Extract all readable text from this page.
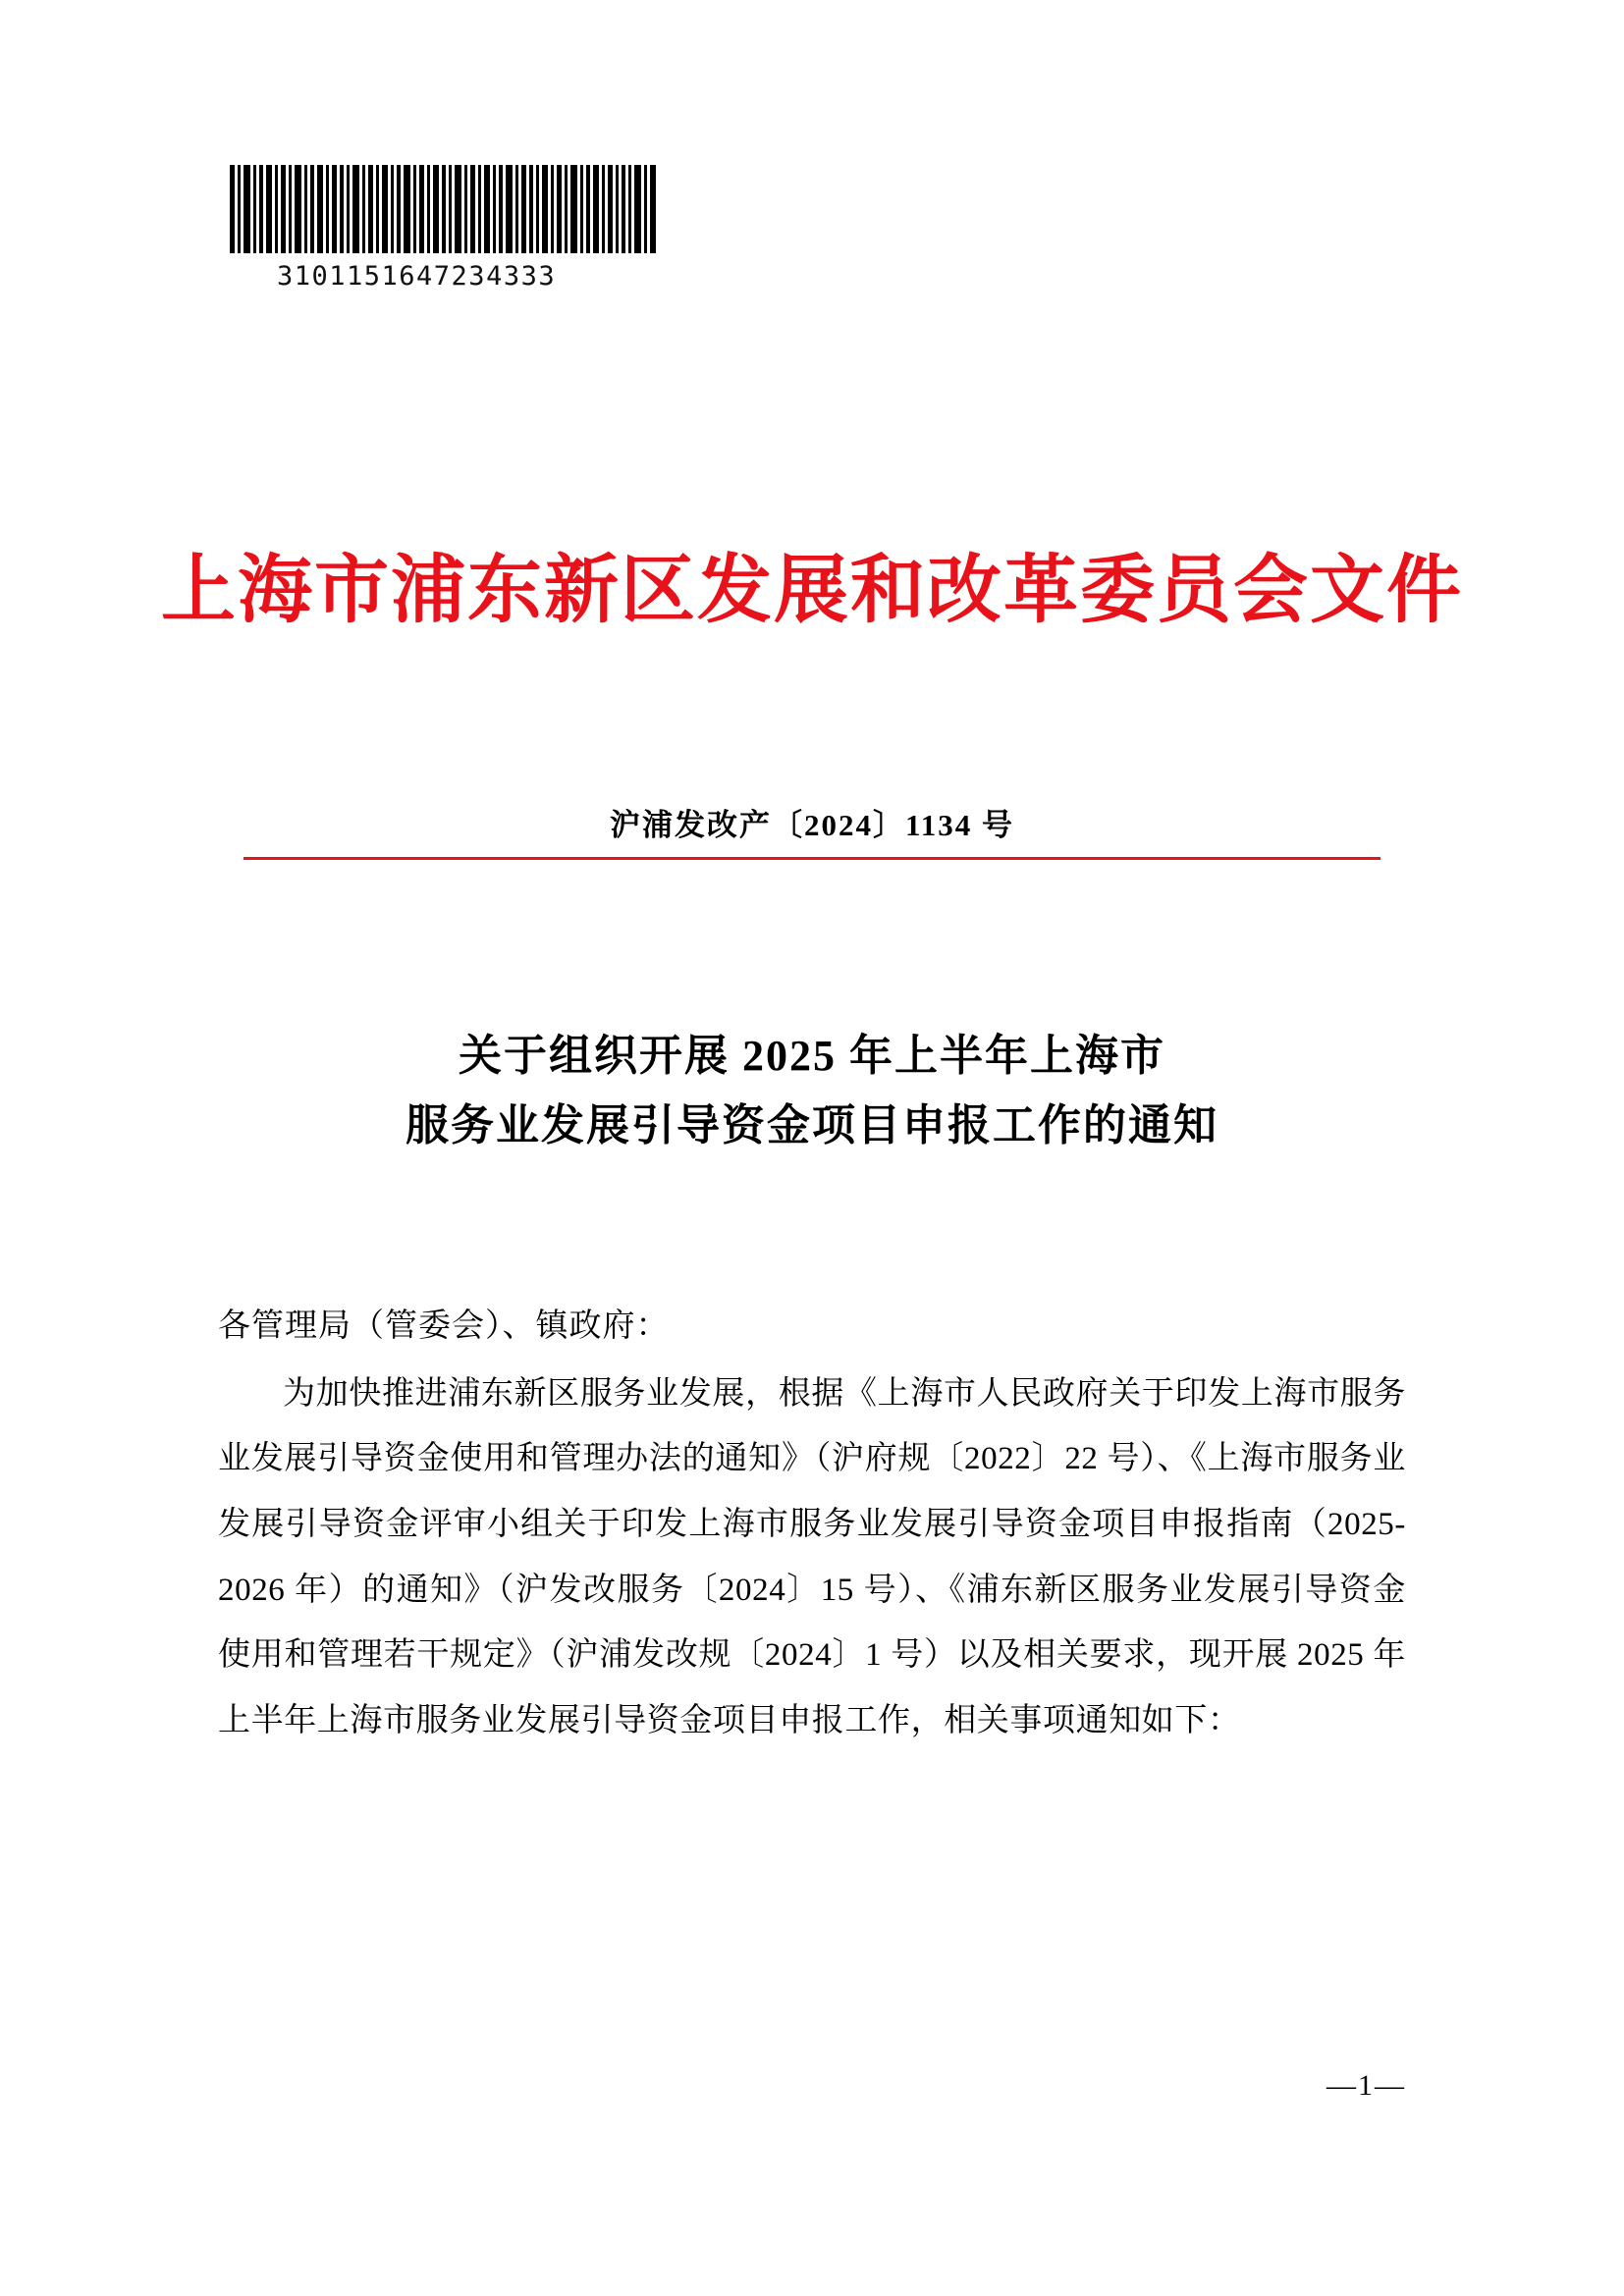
3101151647234333
上海市浦东新区发展和改革委员会文件
沪浦发改产〔2024〕1134 号
关于组织开展 2025 年上半年上海市
服务业发展引导资金项目申报工作的通知
各管理局（管委会）、镇政府：
为加快推进浦东新区服务业发展，根据《上海市人民政府关于印发上海市服务业发展引导资金使用和管理办法的通知》（沪府规〔2022〕22 号）、《上海市服务业发展引导资金评审小组关于印发上海市服务业发展引导资金项目申报指南（2025-2026 年）的通知》（沪发改服务〔2024〕15 号）、《浦东新区服务业发展引导资金使用和管理若干规定》（沪浦发改规〔2024〕1 号）以及相关要求，现开展 2025 年上半年上海市服务业发展引导资金项目申报工作，相关事项通知如下：
—1—
